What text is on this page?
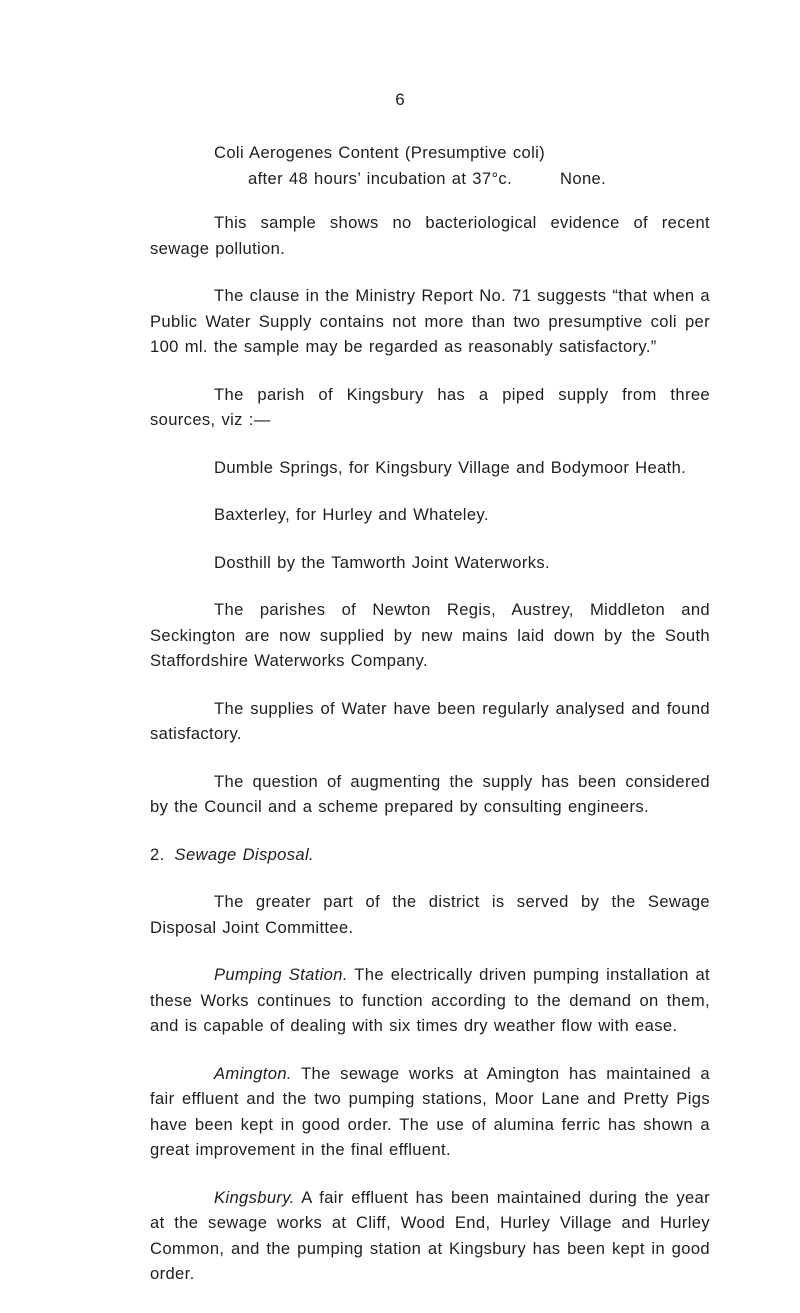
6

Coli Aerogenes Content (Presumptive coli)

after 48 hours’ incubation at 37°c.	None.

This sample shows no bacteriological evidence of recent sewage pollution.

The clause in the Ministry Report No. 71 suggests “that when a Public Water Supply contains not more than two presumptive coli per 100 ml. the sample may be regarded as reasonably satisfactory.”

The parish of Kingsbury has a piped supply from three sources, viz :—

Dumble Springs, for Kingsbury Village and Bodymoor Heath.

Baxterley, for Hurley and Whateley.

Dosthill by the Tamworth Joint Waterworks.

The parishes of Newton Regis, Austrey, Middleton and Seckington are now supplied by new mains laid down by the South Staffordshire Waterworks Company.

The supplies of Water have been regularly analysed and found satisfactory.

The question of augmenting the supply has been considered by the Council and a scheme prepared by consulting engineers.

2. Sewage Disposal.

The greater part of the district is served by the Sewage Disposal Joint Committee.

Pumping Station. The electrically driven pumping installation at these Works continues to function according to the demand on them, and is capable of dealing with six times dry weather flow with ease.

Amington. The sewage works at Amington has maintained a fair effluent and the two pumping stations, Moor Lane and Pretty Pigs have been kept in good order. The use of alumina ferric has shown a great improvement in the final effluent.

Kingsbury. A fair effluent has been maintained during the year at the sewage works at Cliff, Wood End, Hurley Village and Hurley Common, and the pumping station at Kingsbury has been kept in good order.
